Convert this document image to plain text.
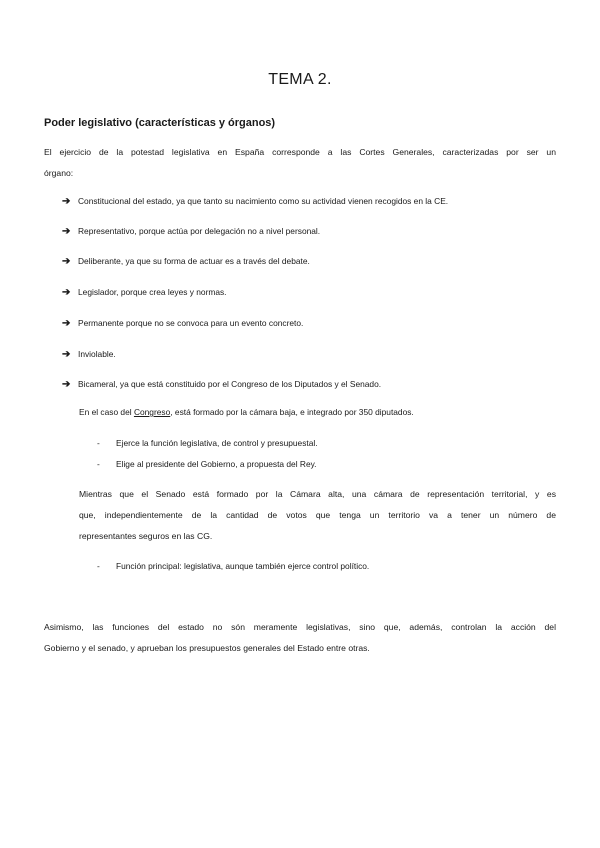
TEMA 2.
Poder legislativo (características y órganos)
El ejercicio de la potestad legislativa en España corresponde a las Cortes Generales, caracterizadas por ser un
órgano:
➔ Constitucional del estado, ya que tanto su nacimiento como su actividad vienen recogidos en la CE.
➔ Representativo, porque actúa por delegación no a nivel personal.
➔ Deliberante, ya que su forma de actuar es a través del debate.
➔ Legislador, porque crea leyes y normas.
➔ Permanente porque no se convoca para un evento concreto.
➔ Inviolable.
➔ Bicameral, ya que está constituido por el Congreso de los Diputados y el Senado.
En el caso del Congreso, está formado por la cámara baja, e integrado por 350 diputados.
- Ejerce la función legislativa, de control y presupuestal.
- Elige al presidente del Gobierno, a propuesta del Rey.
Mientras que el Senado está formado por la Cámara alta, una cámara de representación territorial, y es
que, independientemente de la cantidad de votos que tenga un territorio va a tener un número de
representantes seguros en las CG.
- Función principal: legislativa, aunque también ejerce control político.
Asimismo, las funciones del estado no són meramente legislativas, sino que, además, controlan la acción del
Gobierno y el senado, y aprueban los presupuestos generales del Estado entre otras.
